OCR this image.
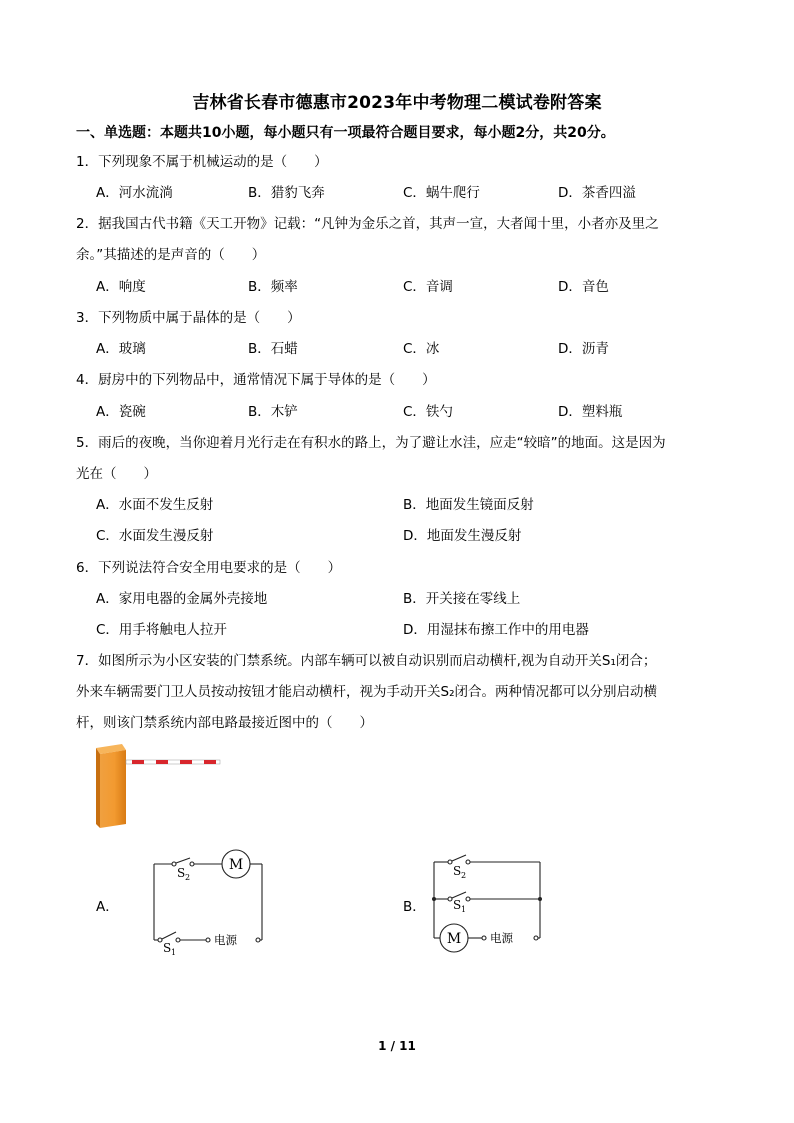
吉林省长春市德惠市2023年中考物理二模试卷附答案
一、单选题：本题共10小题，每小题只有一项最符合题目要求，每小题2分，共20分。
1．下列现象不属于机械运动的是（　　）
A．河水流淌	B．猎豹飞奔	C．蜗牛爬行	D．茶香四溢
2．据我国古代书籍《天工开物》记载：“凡钟为金乐之首，其声一宣，大者闻十里，小者亦及里之
余。”其描述的是声音的（　　）
A．响度	B．频率	C．音调	D．音色
3．下列物质中属于晶体的是（　　）
A．玻璃	B．石蜡	C．冰	D．沥青
4．厨房中的下列物品中，通常情况下属于导体的是（　　）
A．瓷碗	B．木铲	C．铁勺	D．塑料瓶
5．雨后的夜晚，当你迎着月光行走在有积水的路上，为了避让水洼，应走“较暗”的地面。这是因为
光在（　　）
A．水面不发生反射	B．地面发生镜面反射
C．水面发生漫反射	D．地面发生漫反射
6．下列说法符合安全用电要求的是（　　）
A．家用电器的金属外壳接地	B．开关接在零线上
C．用手将触电人拉开	D．用湿抹布擦工作中的用电器
7．如图所示为小区安装的门禁系统。内部车辆可以被自动识别而启动横杆,视为自动开关S₁闭合；
外来车辆需要门卫人员按动按钮才能启动横杆，视为手动开关S₂闭合。两种情况都可以分别启动横
杆，则该门禁系统内部电路最接近图中的（　　）
A．
M
S 2
S 1
电源
B．
S 2
S 1
M	电源
1 / 11
